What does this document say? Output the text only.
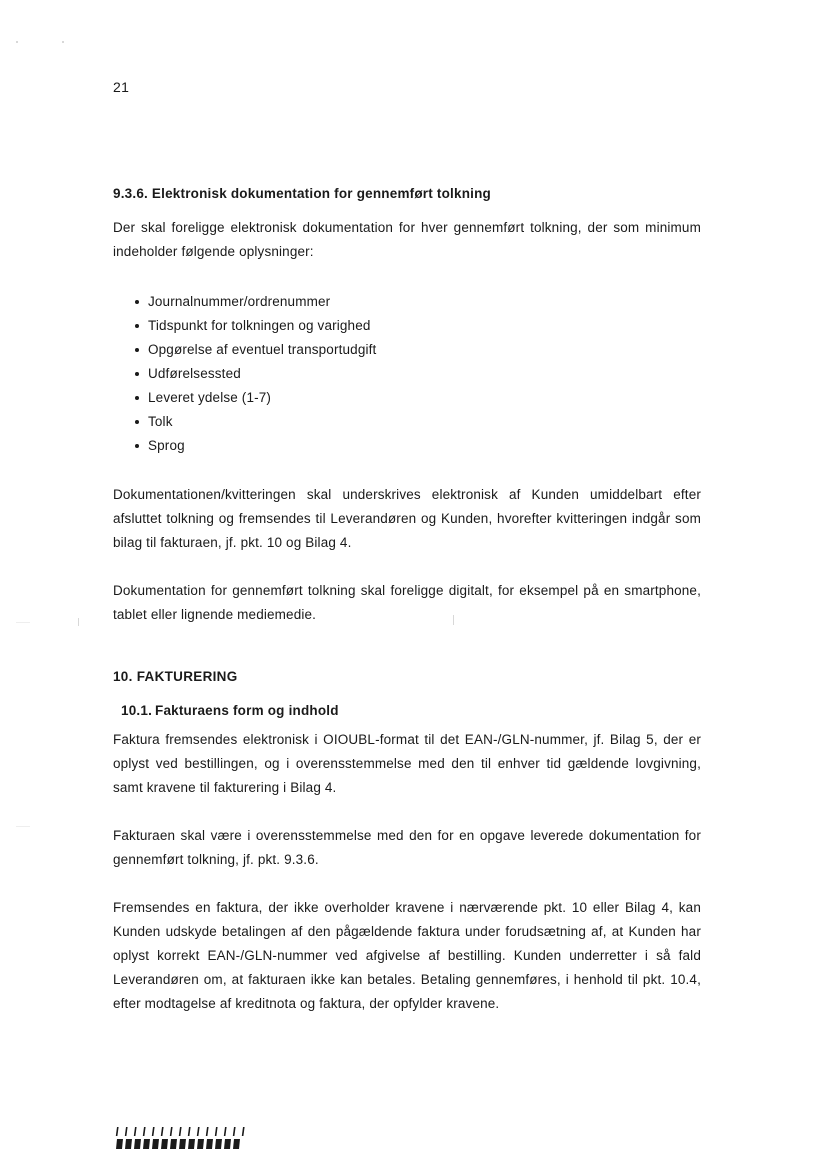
21
9.3.6. Elektronisk dokumentation for gennemført tolkning

Der skal foreligge elektronisk dokumentation for hver gennemført tolkning, der som minimum indeholder følgende oplysninger:

Journalnummer/ordrenummer
Tidspunkt for tolkningen og varighed
Opgørelse af eventuel transportudgift
Udførelsessted
Leveret ydelse (1-7)
Tolk
Sprog

Dokumentationen/kvitteringen skal underskrives elektronisk af Kunden umiddelbart efter afsluttet tolkning og fremsendes til Leverandøren og Kunden, hvorefter kvitteringen indgår som bilag til fakturaen, jf. pkt. 10 og Bilag 4.

Dokumentation for gennemført tolkning skal foreligge digitalt, for eksempel på en smartphone, tablet eller lignende mediemedie.

10. FAKTURERING
10.1. Fakturaens form og indhold

Faktura fremsendes elektronisk i OIOUBL-format til det EAN-/GLN-nummer, jf. Bilag 5, der er oplyst ved bestillingen, og i overensstemmelse med den til enhver tid gældende lovgivning, samt kravene til fakturering i Bilag 4.

Fakturaen skal være i overensstemmelse med den for en opgave leverede dokumentation for gennemført tolkning, jf. pkt. 9.3.6.

Fremsendes en faktura, der ikke overholder kravene i nærværende pkt. 10 eller Bilag 4, kan Kunden udskyde betalingen af den pågældende faktura under forudsætning af, at Kunden har oplyst korrekt EAN-/GLN-nummer ved afgivelse af bestilling. Kunden underretter i så fald Leverandøren om, at fakturaen ikke kan betales. Betaling gennemføres, i henhold til pkt. 10.4, efter modtagelse af kreditnota og faktura, der opfylder kravene.
